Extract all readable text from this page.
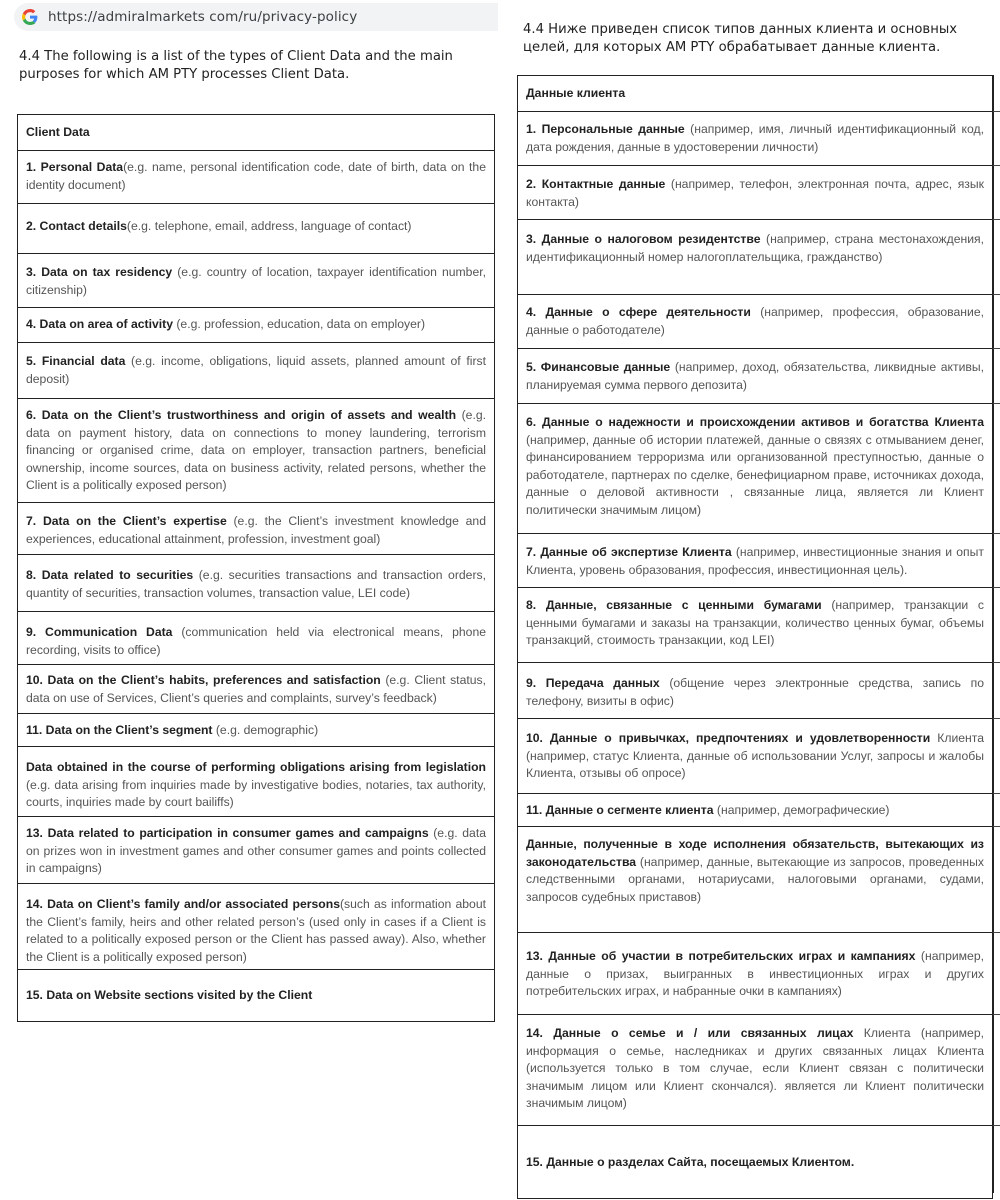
https://admiralmarkets com/ru/privacy-policy
4.4 The following is a list of the types of Client Data and the main purposes for which AM PTY processes Client Data.
4.4 Ниже приведен список типов данных клиента и основных целей, для которых AM PTY обрабатывает данные клиента.
Client Data
1. Personal Data(e.g. name, personal identification code, date of birth, data on the identity document)
2. Contact details(e.g. telephone, email, address, language of contact)
3. Data on tax residency (e.g. country of location, taxpayer identification number, citizenship)
4. Data on area of activity (e.g. profession, education, data on employer)
5. Financial data (e.g. income, obligations, liquid assets, planned amount of first deposit)
6. Data on the Client’s trustworthiness and origin of assets and wealth (e.g. data on payment history, data on connections to money laundering, terrorism financing or organised crime, data on employer, transaction partners, beneficial ownership, income sources, data on business activity, related persons, whether the Client is a politically exposed person)
7. Data on the Client’s expertise (e.g. the Client’s investment knowledge and experiences, educational attainment, profession, investment goal)
8. Data related to securities (e.g. securities transactions and transaction orders, quantity of securities, transaction volumes, transaction value, LEI code)
9. Communication Data (communication held via electronical means, phone recording, visits to office)
10. Data on the Client’s habits, preferences and satisfaction (e.g. Client status, data on use of Services, Client’s queries and complaints, survey’s feedback)
11. Data on the Client’s segment (e.g. demographic)
Data obtained in the course of performing obligations arising from legislation (e.g. data arising from inquiries made by investigative bodies, notaries, tax authority, courts, inquiries made by court bailiffs)
13. Data related to participation in consumer games and campaigns (e.g. data on prizes won in investment games and other consumer games and points collected in campaigns)
14. Data on Client’s family and/or associated persons(such as information about the Client’s family, heirs and other related person’s (used only in cases if a Client is related to a politically exposed person or the Client has passed away). Also, whether the Client is a politically exposed person)
15. Data on Website sections visited by the Client
Данные клиента
1. Персональные данные (например, имя, личный идентификационный код, дата рождения, данные в удостоверении личности)
2. Контактные данные (например, телефон, электронная почта, адрес, язык контакта)
3. Данные о налоговом резидентстве (например, страна местонахождения, идентификационный номер налогоплательщика, гражданство)
4. Данные о сфере деятельности (например, профессия, образование, данные о работодателе)
5. Финансовые данные (например, доход, обязательства, ликвидные активы, планируемая сумма первого депозита)
6. Данные о надежности и происхождении активов и богатства Клиента (например, данные об истории платежей, данные о связях с отмыванием денег, финансированием терроризма или организованной преступностью, данные о работодателе, партнерах по сделке, бенефициарном праве, источниках дохода, данные о деловой активности , связанные лица, является ли Клиент политически значимым лицом)
7. Данные об экспертизе Клиента (например, инвестиционные знания и опыт Клиента, уровень образования, профессия, инвестиционная цель).
8. Данные, связанные с ценными бумагами (например, транзакции с ценными бумагами и заказы на транзакции, количество ценных бумаг, объемы транзакций, стоимость транзакции, код LEI)
9. Передача данных (общение через электронные средства, запись по телефону, визиты в офис)
10. Данные о привычках, предпочтениях и удовлетворенности Клиента (например, статус Клиента, данные об использовании Услуг, запросы и жалобы Клиента, отзывы об опросе)
11. Данные о сегменте клиента (например, демографические)
Данные, полученные в ходе исполнения обязательств, вытекающих из законодательства (например, данные, вытекающие из запросов, проведенных следственными органами, нотариусами, налоговыми органами, судами, запросов судебных приставов)
13. Данные об участии в потребительских играх и кампаниях (например, данные о призах, выигранных в инвестиционных играх и других потребительских играх, и набранные очки в кампаниях)
14. Данные о семье и / или связанных лицах Клиента (например, информация о семье, наследниках и других связанных лицах Клиента (используется только в том случае, если Клиент связан с политически значимым лицом или Клиент скончался). является ли Клиент политически значимым лицом)
15. Данные о разделах Сайта, посещаемых Клиентом.
